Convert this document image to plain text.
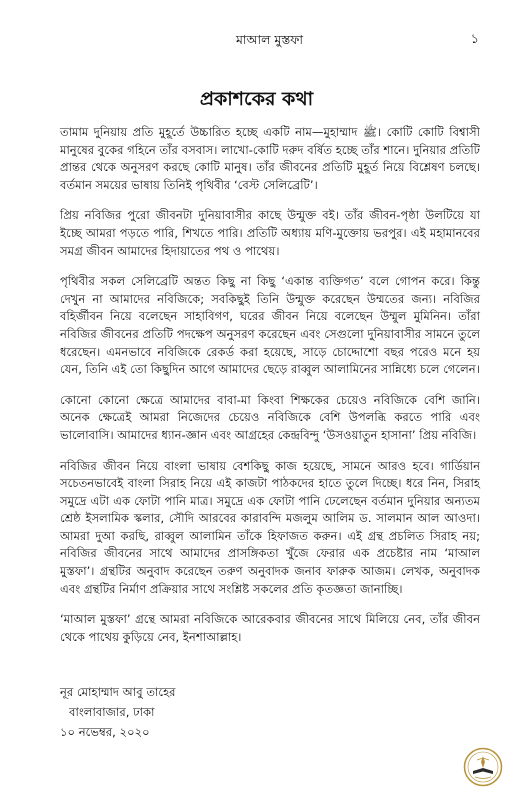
মাআল মুস্তফা	১
প্রকাশকের কথা

তামাম দুনিয়ায় প্রতি মুহূর্তে উচ্চারিত হচ্ছে একটি নাম—মুহাম্মাদ ﷺ। কোটি কোটি বিশ্বাসী মানুষের বুকের গহিনে তাঁর বসবাস। লাখো-কোটি দরুদ বর্ষিত হচ্ছে তাঁর শানে। দুনিয়ার প্রতিটি প্রান্তর থেকে অনুসরণ করছে কোটি মানুষ। তাঁর জীবনের প্রতিটি মুহূর্ত নিয়ে বিশ্লেষণ চলছে। বর্তমান সময়ের ভাষায় তিনিই পৃথিবীর ‘বেস্ট সেলিব্রেটি’।

প্রিয় নবিজির পুরো জীবনটা দুনিয়াবাসীর কাছে উন্মুক্ত বই। তাঁর জীবন-পৃষ্ঠা উলটিয়ে যা ইচ্ছে আমরা পড়তে পারি, শিখতে পারি। প্রতিটি অধ্যায় মণি-মুক্তোয় ভরপুর। এই মহামানবের সমগ্র জীবন আমাদের হিদায়াতের পথ ও পাথেয়।

পৃথিবীর সকল সেলিব্রেটি অন্তত কিছু না কিছু ‘একান্ত ব্যক্তিগত’ বলে গোপন করে। কিন্তু দেখুন না আমাদের নবিজিকে; সবকিছুই তিনি উন্মুক্ত করেছেন উম্মতের জন্য। নবিজির বহির্জীবন নিয়ে বলেছেন সাহাবিগণ, ঘরের জীবন নিয়ে বলেছেন উম্মুল মুমিনিন। তাঁরা নবিজির জীবনের প্রতিটি পদক্ষেপ অনুসরণ করেছেন এবং সেগুলো দুনিয়াবাসীর সামনে তুলে ধরেছেন। এমনভাবে নবিজিকে রেকর্ড করা হয়েছে, সাড়ে চোদ্দোশো বছর পরেও মনে হয় যেন, তিনি এই তো কিছুদিন আগে আমাদের ছেড়ে রাব্বুল আলামিনের সান্নিধ্যে চলে গেলেন।

কোনো কোনো ক্ষেত্রে আমাদের বাবা-মা কিংবা শিক্ষকের চেয়েও নবিজিকে বেশি জানি। অনেক ক্ষেত্রেই আমরা নিজেদের চেয়েও নবিজিকে বেশি উপলব্ধি করতে পারি এবং ভালোবাসি। আমাদের ধ্যান-জ্ঞান এবং আগ্রহের কেন্দ্রবিন্দু ‘উসওয়াতুন হাসানা’ প্রিয় নবিজি।

নবিজির জীবন নিয়ে বাংলা ভাষায় বেশকিছু কাজ হয়েছে, সামনে আরও হবে। গার্ডিয়ান সচেতনভাবেই বাংলা সিরাহ নিয়ে এই কাজটা পাঠকদের হাতে তুলে দিচ্ছে। ধরে নিন, সিরাহ সমুদ্রে এটা এক ফোটা পানি মাত্র। সমুদ্রে এক ফোটা পানি ঢেলেছেন বর্তমান দুনিয়ার অন্যতম শ্রেষ্ঠ ইসলামিক স্কলার, সৌদি আরবের কারাবন্দি মজলুম আলিম ড. সালমান আল আওদা। আমরা দুআ করছি, রাব্বুল আলামিন তাঁকে হিফাজত করুন। এই গ্রন্থ প্রচলিত সিরাহ নয়; নবিজির জীবনের সাথে আমাদের প্রাসঙ্গিকতা খুঁজে ফেরার এক প্রচেষ্টার নাম ‘মাআল মুস্তফা’। গ্রন্থটির অনুবাদ করেছেন তরুণ অনুবাদক জনাব ফারুক আজম। লেখক, অনুবাদক এবং গ্রন্থটির নির্মাণ প্রক্রিয়ার সাথে সংশ্লিষ্ট সকলের প্রতি কৃতজ্ঞতা জানাচ্ছি।

‘মাআল মুস্তফা’ গ্রন্থে আমরা নবিজিকে আরেকবার জীবনের সাথে মিলিয়ে নেব, তাঁর জীবন থেকে পাথেয় কুড়িয়ে নেব, ইনশাআল্লাহ।

নূর মোহাম্মাদ আবু তাহের
বাংলাবাজার, ঢাকা
১০ নভেম্বর, ২০২০
